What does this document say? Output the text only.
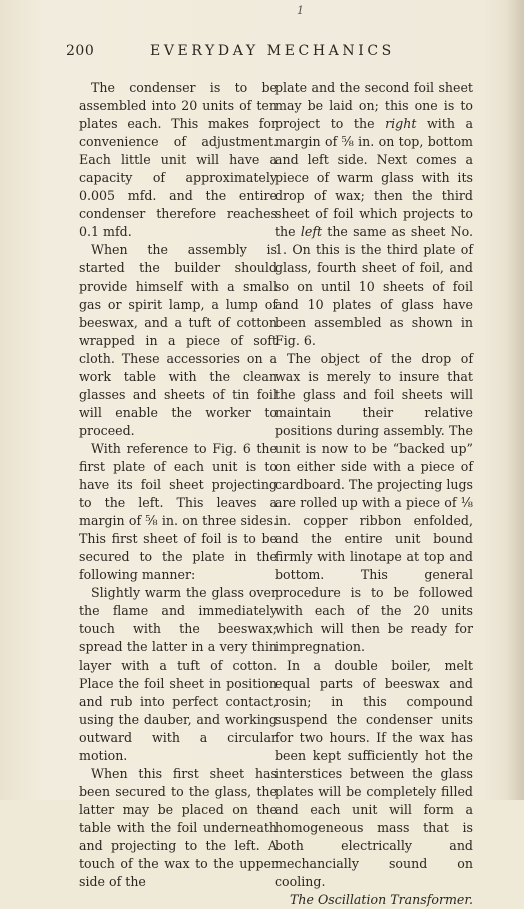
1
200	EVERYDAY MECHANICS

The condenser is to be assembled into 20 units of ten plates each. This makes for convenience of adjustment. Each little unit will have a capacity of approximately 0.005 mfd. and the entire condenser therefore reaches 0.1 mfd.

When the assembly is started the builder should provide himself with a small gas or spirit lamp, a lump of beeswax, and a tuft of cotton wrapped in a piece of soft cloth. These accessories on a work table with the clean glasses and sheets of tin foil will enable the worker to proceed.

With reference to Fig. 6 the first plate of each unit is to have its foil sheet projecting to the left. This leaves a margin of ⅝ in. on three sides. This first sheet of foil is to be secured to the plate in the following manner:

Slightly warm the glass over the flame and immediately touch with the beeswax; spread the latter in a very thin layer with a tuft of cotton. Place the foil sheet in position and rub into perfect contact, using the dauber, and working outward with a circular motion.

When this first sheet has been secured to the glass, the latter may be placed on the table with the foil underneath and projecting to the left. A touch of the wax to the upper side of the

plate and the second foil sheet may be laid on; this one is to project to the right with a margin of ⅝ in. on top, bottom and left side. Next comes a piece of warm glass with its drop of wax; then the third sheet of foil which projects to the left the same as sheet No. 1. On this is the third plate of glass, fourth sheet of foil, and so on until 10 sheets of foil and 10 plates of glass have been assembled as shown in Fig. 6.

The object of the drop of wax is merely to insure that the glass and foil sheets will maintain their relative positions during assembly. The unit is now to be “backed up” on either side with a piece of cardboard. The projecting lugs are rolled up with a piece of ⅛ in. copper ribbon enfolded, and the entire unit bound firmly with linotape at top and bottom. This general procedure is to be followed with each of the 20 units which will then be ready for impregnation.

In a double boiler, melt equal parts of beeswax and rosin; in this compound suspend the condenser units for two hours. If the wax has been kept sufficiently hot the interstices between the glass plates will be completely filled and each unit will form a homogeneous mass that is both electrically and mechancially sound on cooling.

The Oscillation Transformer.
